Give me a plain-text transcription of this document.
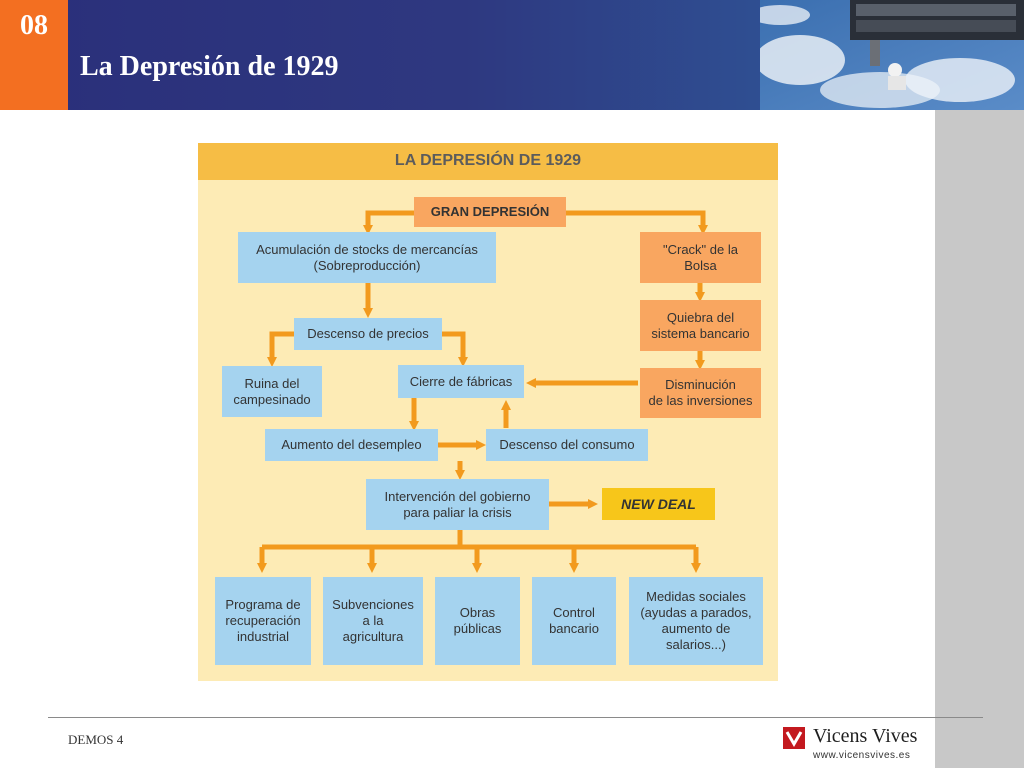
08
La Depresión de 1929
LA DEPRESIÓN DE 1929
GRAN DEPRESIÓN
Acumulación de stocks de mercancías
(Sobreproducción)
"Crack" de la
Bolsa
Quiebra del
sistema bancario
Descenso de precios
Ruina del
campesinado
Cierre de fábricas	Disminución
de las inversiones
Aumento del desempleo	Descenso del consumo
Intervención del gobierno
para paliar la crisis	NEW DEAL
Programa de
recuperación
industrial
Subvenciones
a la
agricultura
Obras
públicas
Control
bancario
Medidas sociales
(ayudas a parados,
aumento de
salarios...)
DEMOS 4	Vicens Vives
www.vicensvives.es
